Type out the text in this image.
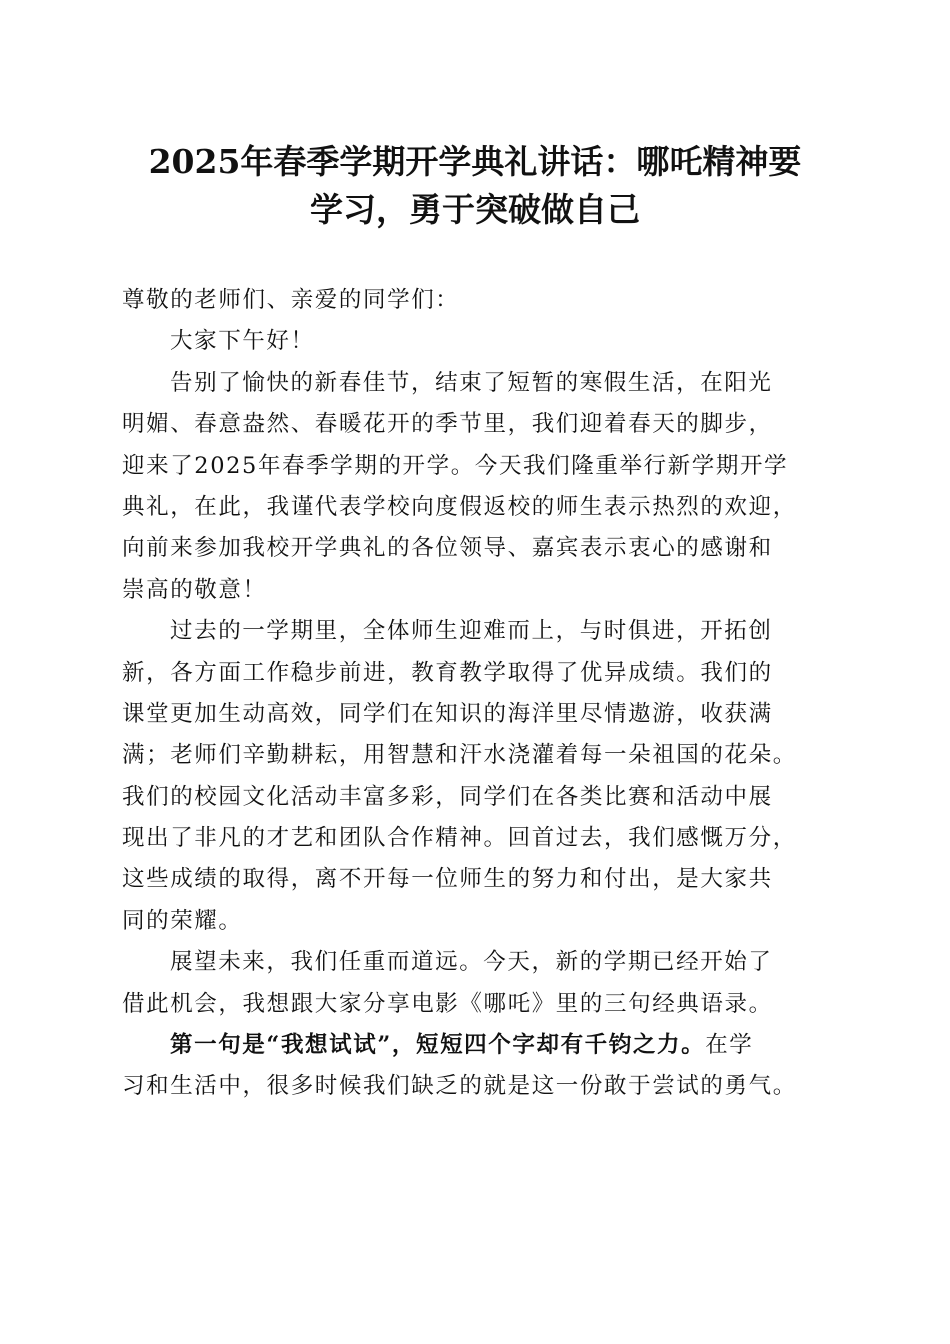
2025年春季学期开学典礼讲话：哪吒精神要
学习，勇于突破做自己
尊敬的老师们、亲爱的同学们：
大家下午好！
告别了愉快的新春佳节，结束了短暂的寒假生活，在阳光
明媚、春意盎然、春暖花开的季节里，我们迎着春天的脚步，
迎来了2025年春季学期的开学。今天我们隆重举行新学期开学
典礼，在此，我谨代表学校向度假返校的师生表示热烈的欢迎，
向前来参加我校开学典礼的各位领导、嘉宾表示衷心的感谢和
崇高的敬意！
过去的一学期里，全体师生迎难而上，与时俱进，开拓创
新，各方面工作稳步前进，教育教学取得了优异成绩。我们的
课堂更加生动高效，同学们在知识的海洋里尽情遨游，收获满
满；老师们辛勤耕耘，用智慧和汗水浇灌着每一朵祖国的花朵。
我们的校园文化活动丰富多彩，同学们在各类比赛和活动中展
现出了非凡的才艺和团队合作精神。回首过去，我们感慨万分，
这些成绩的取得，离不开每一位师生的努力和付出，是大家共
同的荣耀。
展望未来，我们任重而道远。今天，新的学期已经开始了
借此机会，我想跟大家分享电影《哪吒》里的三句经典语录。
第一句是“我想试试”，短短四个字却有千钧之力。在学
习和生活中，很多时候我们缺乏的就是这一份敢于尝试的勇气。
